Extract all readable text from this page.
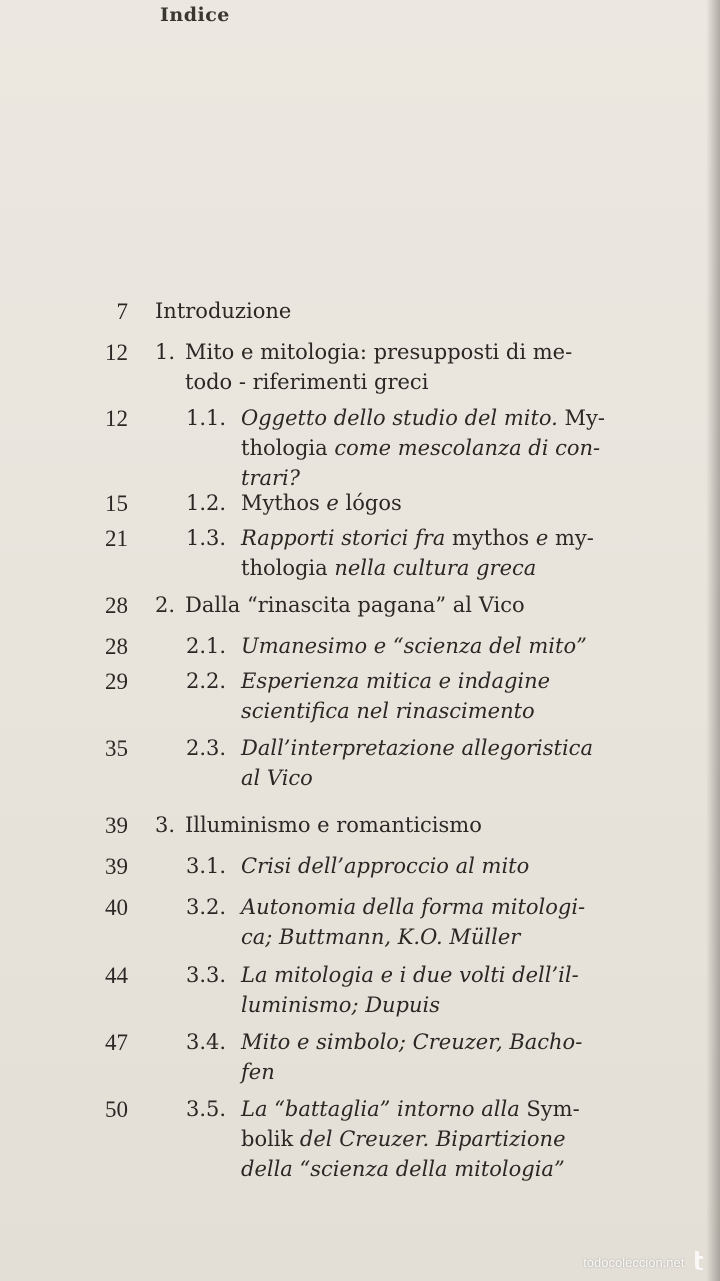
Indice
7 Introduzione
12 1. Mito e mitologia: presupposti di me-
todo - riferimenti greci
12	1.1. Oggetto dello studio del mito. My-
thologia come mescolanza di con-
trari?
15	1.2. Mythos e lógos
21	1.3. Rapporti storici fra mythos e my-
thologia nella cultura greca
28 2. Dalla “rinascita pagana” al Vico
28	2.1. Umanesimo e “scienza del mito”
29	2.2. Esperienza mitica e indagine
scientifica nel rinascimento
35	2.3. Dall’interpretazione allegoristica
al Vico
39 3. Illuminismo e romanticismo
39	3.1. Crisi dell’approccio al mito
40	3.2. Autonomia della forma mitologi-
ca; Buttmann, K.O. Müller
44	3.3. La mitologia e i due volti dell’il-
luminismo; Dupuis
47	3.4. Mito e simbolo; Creuzer, Bacho-
fen
50	3.5. La “battaglia” intorno alla Sym-
bolik del Creuzer. Bipartizione
della “scienza della mitologia”
todocoleccion.net
